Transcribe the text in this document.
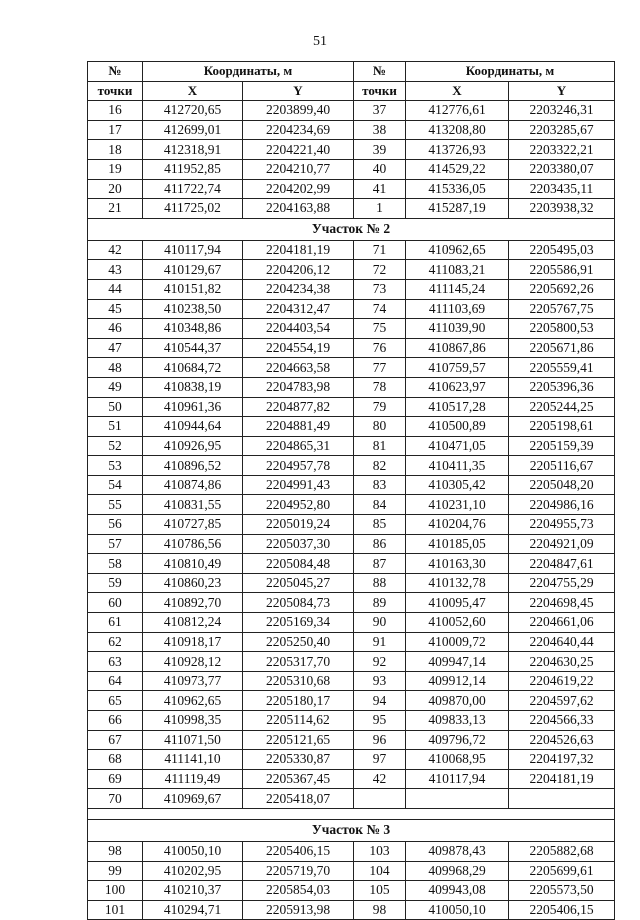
51
№	Координаты, м		№	Координаты, м	
точки	X	Y	точки	X	Y
16	412720,65	2203899,40	37	412776,61	2203246,31
17	412699,01	2204234,69	38	413208,80	2203285,67
18	412318,91	2204221,40	39	413726,93	2203322,21
19	411952,85	2204210,77	40	414529,22	2203380,07
20	411722,74	2204202,99	41	415336,05	2203435,11
21	411725,02	2204163,88	1	415287,19	2203938,32
Участок № 2					
42	410117,94	2204181,19	71	410962,65	2205495,03
43	410129,67	2204206,12	72	411083,21	2205586,91
44	410151,82	2204234,38	73	411145,24	2205692,26
45	410238,50	2204312,47	74	411103,69	2205767,75
46	410348,86	2204403,54	75	411039,90	2205800,53
47	410544,37	2204554,19	76	410867,86	2205671,86
48	410684,72	2204663,58	77	410759,57	2205559,41
49	410838,19	2204783,98	78	410623,97	2205396,36
50	410961,36	2204877,82	79	410517,28	2205244,25
51	410944,64	2204881,49	80	410500,89	2205198,61
52	410926,95	2204865,31	81	410471,05	2205159,39
53	410896,52	2204957,78	82	410411,35	2205116,67
54	410874,86	2204991,43	83	410305,42	2205048,20
55	410831,55	2204952,80	84	410231,10	2204986,16
56	410727,85	2205019,24	85	410204,76	2204955,73
57	410786,56	2205037,30	86	410185,05	2204921,09
58	410810,49	2205084,48	87	410163,30	2204847,61
59	410860,23	2205045,27	88	410132,78	2204755,29
60	410892,70	2205084,73	89	410095,47	2204698,45
61	410812,24	2205169,34	90	410052,60	2204661,06
62	410918,17	2205250,40	91	410009,72	2204640,44
63	410928,12	2205317,70	92	409947,14	2204630,25
64	410973,77	2205310,68	93	409912,14	2204619,22
65	410962,65	2205180,17	94	409870,00	2204597,62
66	410998,35	2205114,62	95	409833,13	2204566,33
67	411071,50	2205121,65	96	409796,72	2204526,63
68	411141,10	2205330,87	97	410068,95	2204197,32
69	411119,49	2205367,45	42	410117,94	2204181,19
70	410969,67	2205418,07			

Участок № 3					
98	410050,10	2205406,15	103	409878,43	2205882,68
99	410202,95	2205719,70	104	409968,29	2205699,61
100	410210,37	2205854,03	105	409943,08	2205573,50
101	410294,71	2205913,98	98	410050,10	2205406,15
